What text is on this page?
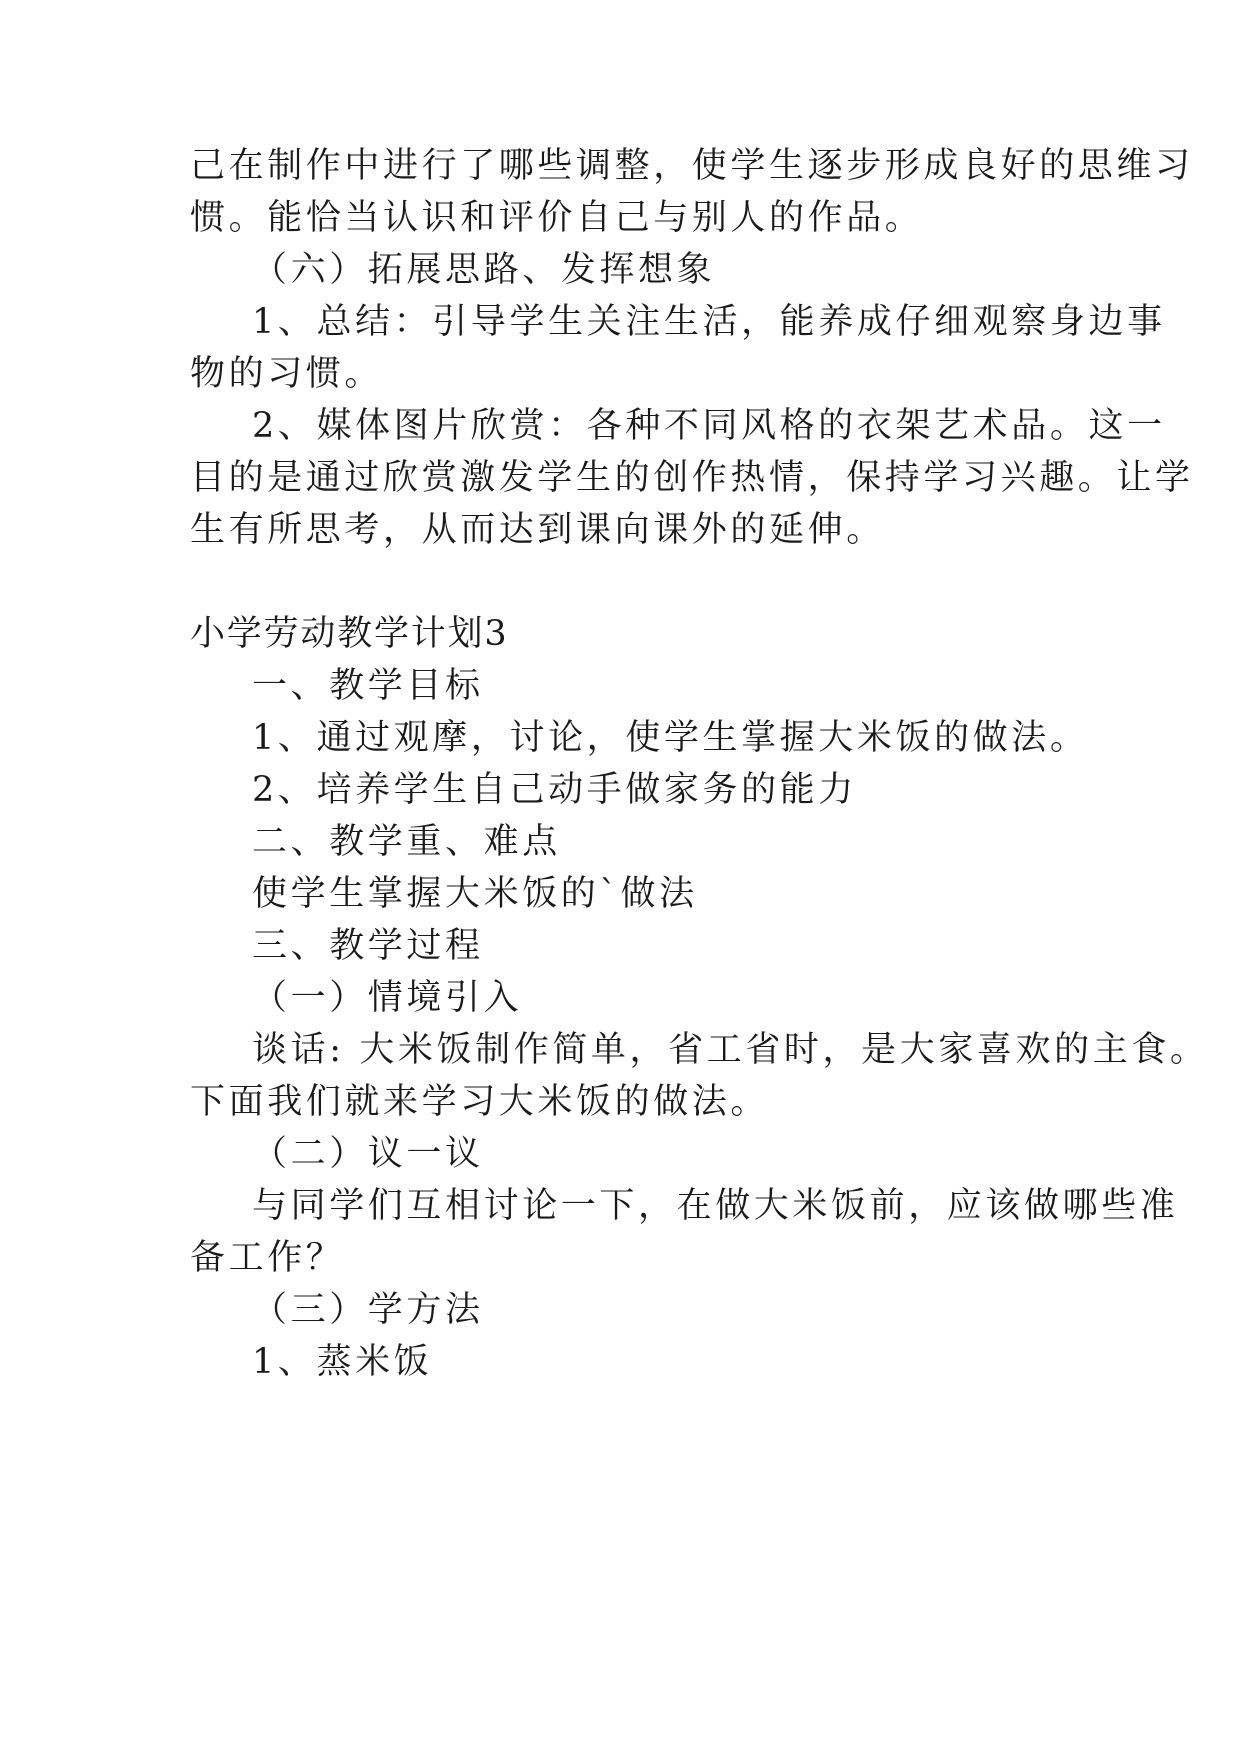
己在制作中进行了哪些调整，使学生逐步形成良好的思维习
惯。能恰当认识和评价自己与别人的作品。
（六）拓展思路、发挥想象
1、总结：引导学生关注生活，能养成仔细观察身边事
物的习惯。
2、媒体图片欣赏：各种不同风格的衣架艺术品。这一
目的是通过欣赏激发学生的创作热情，保持学习兴趣。让学
生有所思考，从而达到课向课外的延伸。
小学劳动教学计划3
一、教学目标
1、通过观摩，讨论，使学生掌握大米饭的做法。
2、培养学生自己动手做家务的能力
二、教学重、难点
使学生掌握大米饭的`做法
三、教学过程
（一）情境引入
谈话: 大米饭制作简单，省工省时，是大家喜欢的主食。
下面我们就来学习大米饭的做法。
（二）议一议
与同学们互相讨论一下，在做大米饭前，应该做哪些准
备工作？
（三）学方法
1、蒸米饭
